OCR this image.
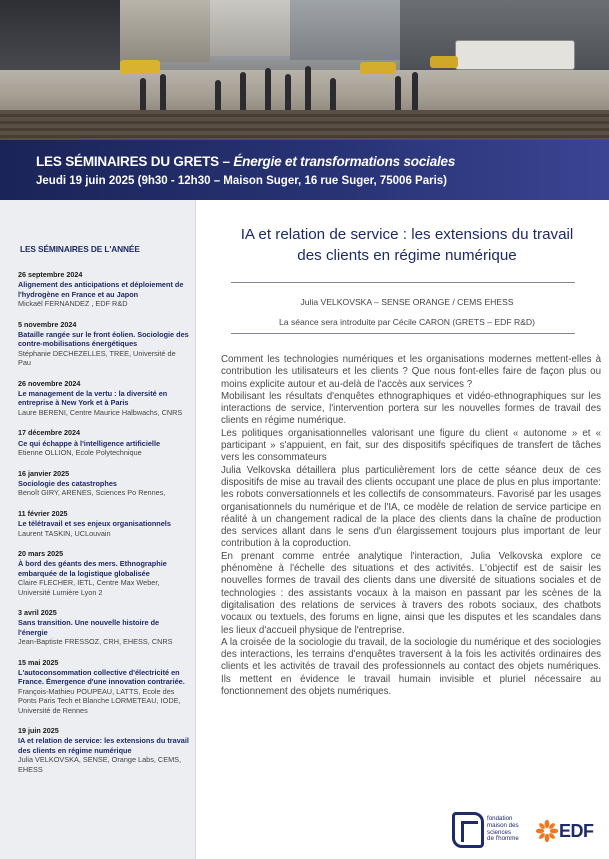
LES SÉMINAIRES DU GRETS – Énergie et transformations sociales
Jeudi 19 juin 2025 (9h30 - 12h30 – Maison Suger, 16 rue Suger, 75006 Paris)
LES SÉMINAIRES DE L'ANNÉE
26 septembre 2024
Alignement des anticipations et déploiement de l'hydrogène en France et au Japon
Mickaël FERNANDEZ , EDF R&D
5 novembre 2024
Bataille rangée sur le front éolien. Sociologie des contre-mobilisations énergétiques
Stéphanie DECHEZELLES, TREE, Université de Pau
26 novembre 2024
Le management de la vertu : la diversité en entreprise à New York et à Paris
Laure BERENI, Centre Maurice Halbwachs, CNRS
17 décembre 2024
Ce qui échappe à l'intelligence artificielle
Etienne OLLION, Ecole Polytechnique
16 janvier 2025
Sociologie des catastrophes
Benoît GIRY, ARENES, Sciences Po Rennes,
11 février 2025
Le télétravail et ses enjeux organisationnels
Laurent TASKIN, UCLouvain
20 mars 2025
À bord des géants des mers. Ethnographie embarquée de la logistique globalisée
Claire FLECHER, IETL, Centre Max Weber, Université Lumière Lyon 2
3 avril 2025
Sans transition. Une nouvelle histoire de l'énergie
Jean-Baptiste FRESSOZ, CRH, EHESS, CNRS
15 mai 2025
L'autoconsommation collective d'électricité en France. Émergence d'une innovation contrariée.
François-Mathieu POUPEAU, LATTS, Ecole des Ponts Paris Tech et Blanche LORMETEAU, IODE, Université de Rennes
19 juin 2025
IA et relation de service: les extensions du travail des clients en régime numérique
Julia VELKOVSKA, SENSE, Orange Labs, CEMS, EHESS
IA et relation de service : les extensions du travail des clients en régime numérique
Julia VELKOVSKA – SENSE ORANGE / CEMS EHESS
La séance sera introduite par Cécile CARON (GRETS – EDF R&D)

Comment les technologies numériques et les organisations modernes mettent-elles à contribution les utilisateurs et les clients ? Que nous font-elles faire de façon plus ou moins explicite autour et au-delà de l'accès aux services ?

Mobilisant les résultats d'enquêtes ethnographiques et vidéo-ethnographiques sur les interactions de service, l'intervention portera sur les nouvelles formes de travail des clients en régime numérique.

Les politiques organisationnelles valorisant une figure du client « autonome » et « participant » s'appuient, en fait, sur des dispositifs spécifiques de transfert de tâches vers les consommateurs

Julia Velkovska détaillera plus particulièrement lors de cette séance deux de ces dispositifs de mise au travail des clients occupant une place de plus en plus importante: les robots conversationnels et les collectifs de consommateurs. Favorisé par les usages organisationnels du numérique et de l'IA, ce modèle de relation de service participe en réalité à un changement radical de la place des clients dans la chaîne de production des services allant dans le sens d'un élargissement toujours plus important de leur contribution à la coproduction.

En prenant comme entrée analytique l'interaction, Julia Velkovska explore ce phénomène à l'échelle des situations et des activités. L'objectif est de saisir les nouvelles formes de travail des clients dans une diversité de situations sociales et de technologies : des assistants vocaux à la maison en passant par les scènes de la digitalisation des relations de services à travers des robots sociaux, des chatbots vocaux ou textuels, des forums en ligne, ainsi que les disputes et les scandales dans les lieux d'accueil physique de l'entreprise.

A la croisée de la sociologie du travail, de la sociologie du numérique et des sociologies des interactions, les terrains d'enquêtes traversent à la fois les activités ordinaires des clients et les activités de travail des professionnels au contact des objets numériques. Ils mettent en évidence le travail humain invisible et pluriel nécessaire au fonctionnement des objets numériques.

fondation
maison des
sciences
de l'homme	EDF
